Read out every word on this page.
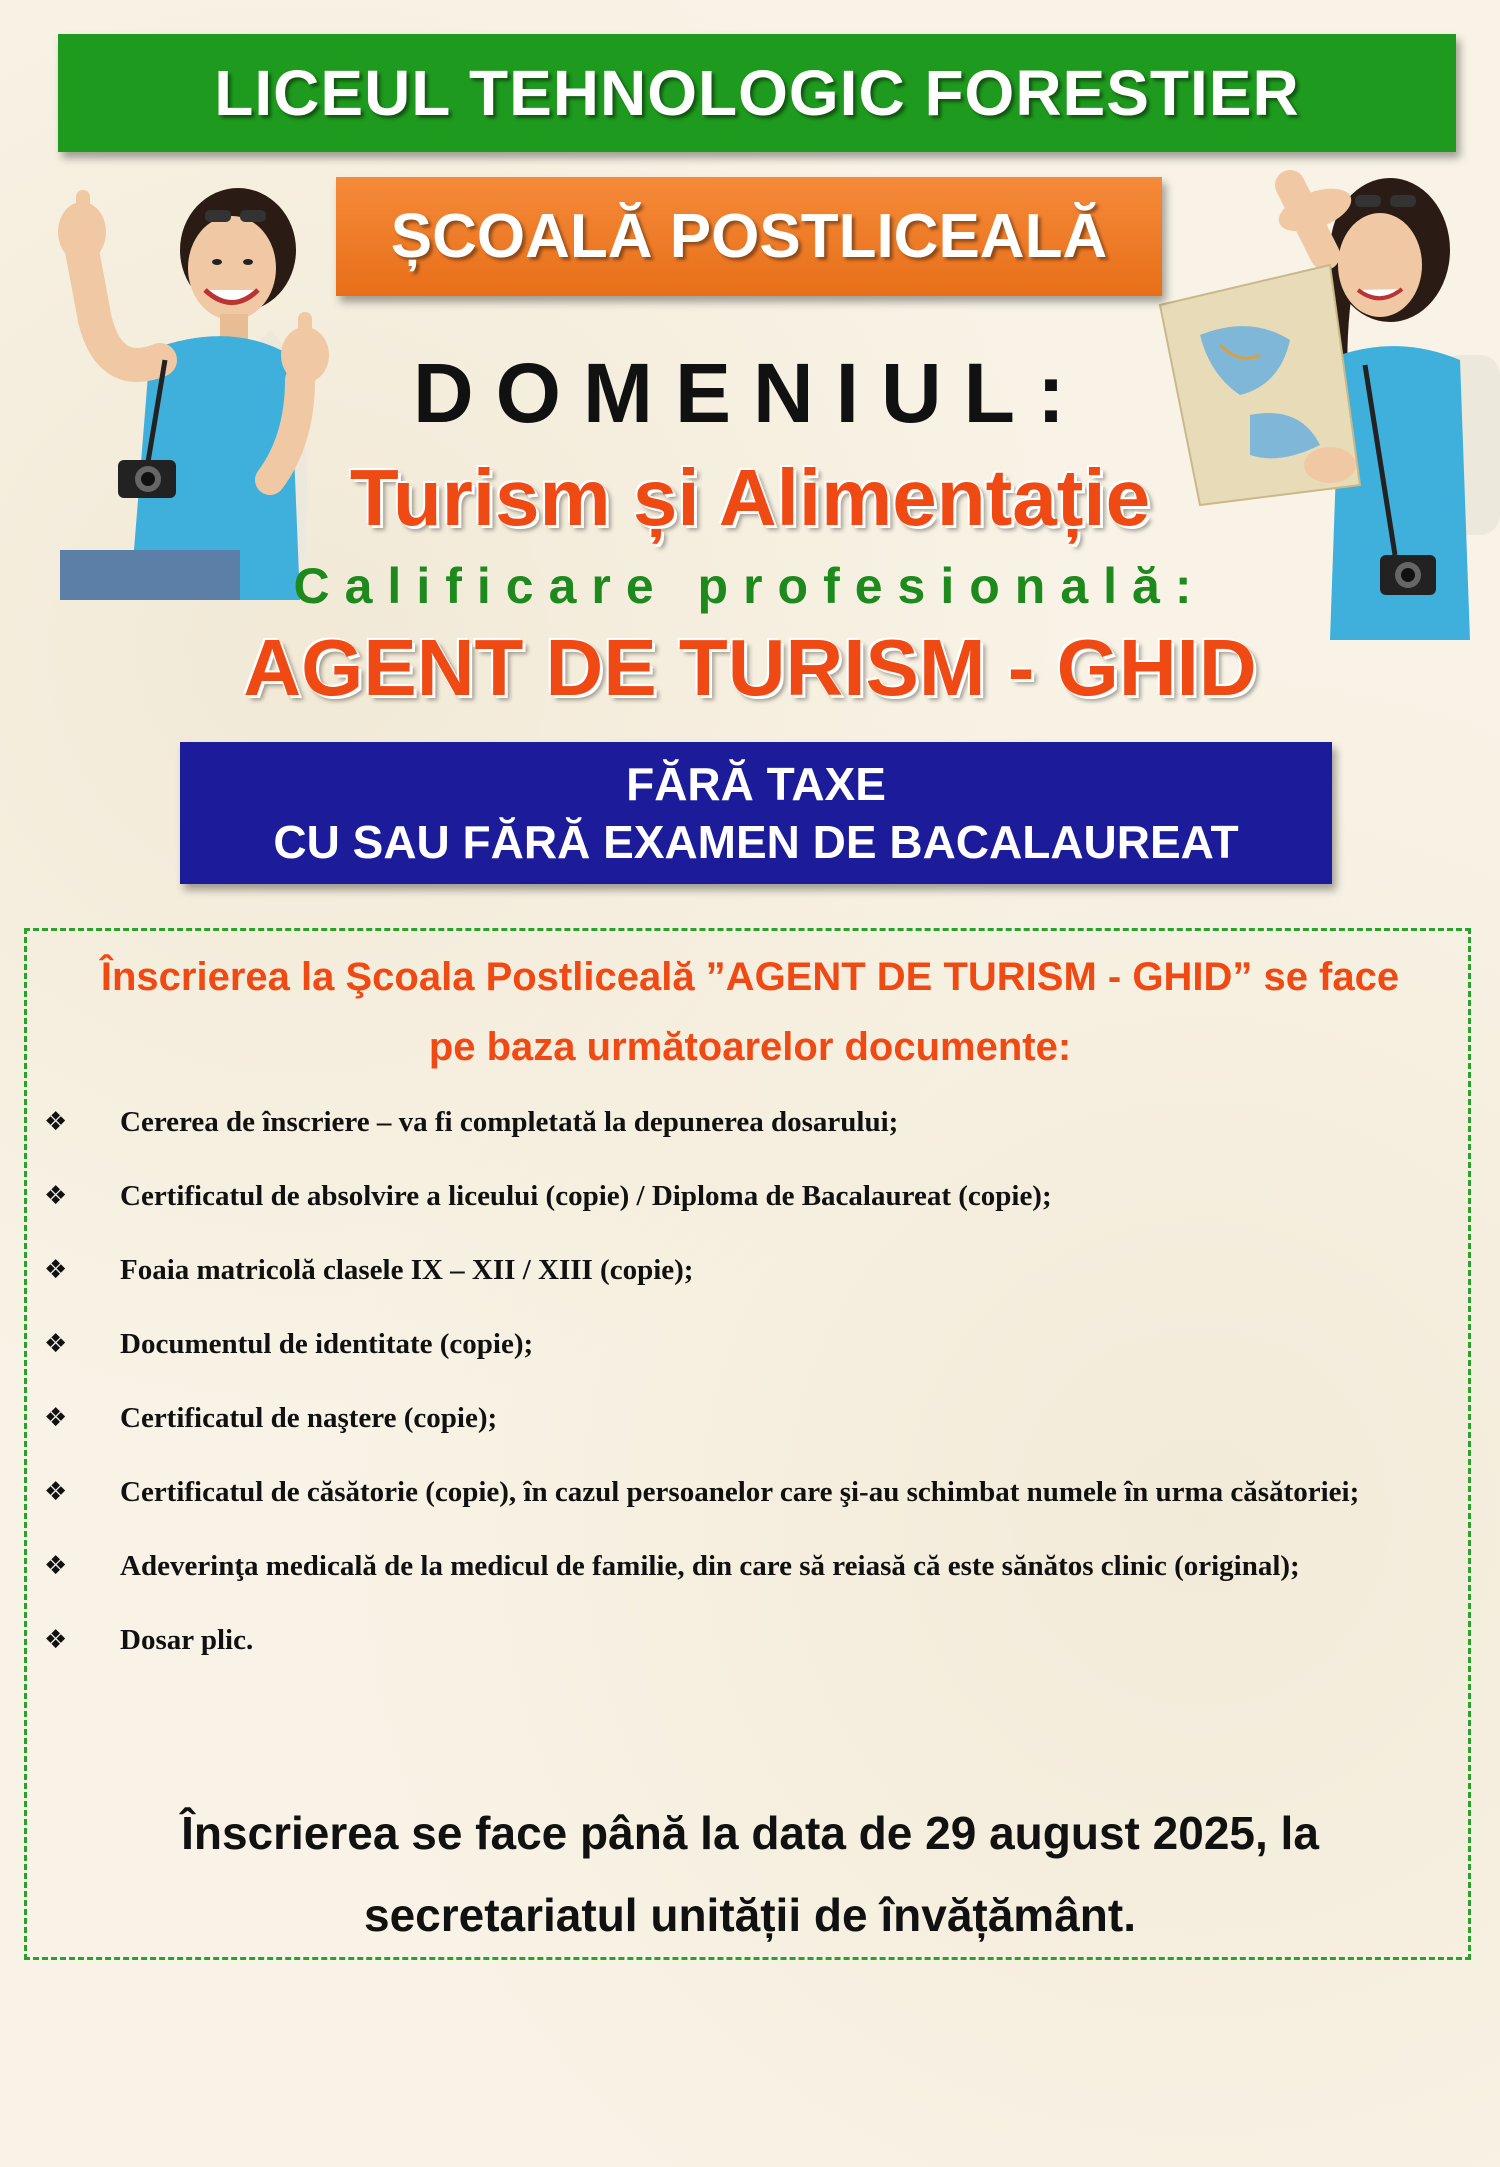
LICEUL TEHNOLOGIC FORESTIER
ȘCOALĂ POSTLICEALĂ
DOMENIUL:
Turism și Alimentație
Calificare profesională:
AGENT DE TURISM - GHID
FĂRĂ TAXE
CU SAU FĂRĂ EXAMEN DE BACALAUREAT
Înscrierea la Şcoala Postliceală ”AGENT DE TURISM - GHID” se face
pe baza următoarelor documente:
❖ Cererea de înscriere – va fi completată la depunerea dosarului;
❖ Certificatul de absolvire a liceului (copie) / Diploma de Bacalaureat (copie);
❖ Foaia matricolă clasele IX – XII / XIII (copie);
❖ Documentul de identitate (copie);
❖ Certificatul de naştere (copie);
❖ Certificatul de căsătorie (copie), în cazul persoanelor care şi-au schimbat numele în urma căsătoriei;
❖ Adeverinţa medicală de la medicul de familie, din care să reiasă că este sănătos clinic (original);
❖ Dosar plic.
Înscrierea se face până la data de 29 august 2025, la
secretariatul unității de învățământ.
